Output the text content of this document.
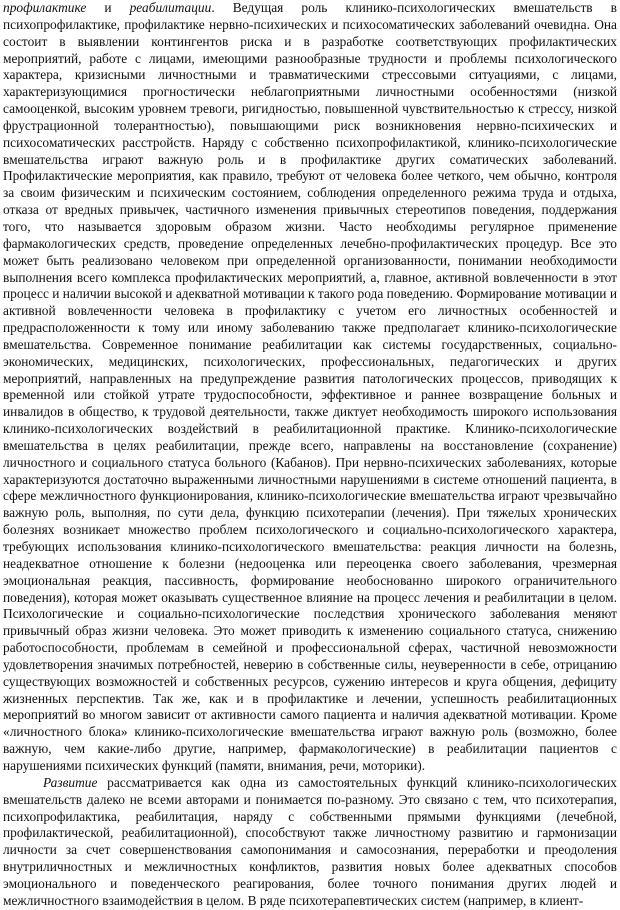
профилактике и реабилитации. Ведущая роль клинико-психологических вмешательств в психопрофилактике, профилактике нервно-психических и психосоматических заболеваний очевидна. Она состоит в выявлении контингентов риска и в разработке соответствующих профилактических мероприятий, работе с лицами, имеющими разнообразные трудности и проблемы психологического характера, кризисными личностными и травматическими стрессовыми ситуациями, с лицами, характеризующимися прогностически неблагоприятными личностными особенностями (низкой самооценкой, высоким уровнем тревоги, ригидностью, повышенной чувствительностью к стрессу, низкой фрустрационной толерантностью), повышающими риск возникновения нервно-психических и психосоматических расстройств. Наряду с собственно психопрофилактикой, клинико-психологические вмешательства играют важную роль и в профилактике других соматических заболеваний. Профилактические мероприятия, как правило, требуют от человека более четкого, чем обычно, контроля за своим физическим и психическим состоянием, соблюдения определенного режима труда и отдыха, отказа от вредных привычек, частичного изменения привычных стереотипов поведения, поддержания того, что называется здоровым образом жизни. Часто необходимы регулярное применение фармакологических средств, проведение определенных лечебно-профилактических процедур. Все это может быть реализовано человеком при определенной организованности, понимании необходимости выполнения всего комплекса профилактических мероприятий, а, главное, активной вовлеченности в этот процесс и наличии высокой и адекватной мотивации к такого рода поведению. Формирование мотивации и активной вовлеченности человека в профилактику с учетом его личностных особенностей и предрасположенности к тому или иному заболеванию также предполагает клинико-психологические вмешательства. Современное понимание реабилитации как системы государственных, социально-экономических, медицинских, психологических, профессиональных, педагогических и других мероприятий, направленных на предупреждение развития патологических процессов, приводящих к временной или стойкой утрате трудоспособности, эффективное и раннее возвращение больных и инвалидов в общество, к трудовой деятельности, также диктует необходимость широкого использования клинико-психологических воздействий в реабилитационной практике. Клинико-психологические вмешательства в целях реабилитации, прежде всего, направлены на восстановление (сохранение) личностного и социального статуса больного (Кабанов). При нервно-психических заболеваниях, которые характеризуются достаточно выраженными личностными нарушениями в системе отношений пациента, в сфере межличностного функционирования, клинико-психологические вмешательства играют чрезвычайно важную роль, выполняя, по сути дела, функцию психотерапии (лечения). При тяжелых хронических болезнях возникает множество проблем психологического и социально-психологического характера, требующих использования клинико-психологического вмешательства: реакция личности на болезнь, неадекватное отношение к болезни (недооценка или переоценка своего заболевания, чрезмерная эмоциональная реакция, пассивность, формирование необоснованно широкого ограничительного поведения), которая может оказывать существенное влияние на процесс лечения и реабилитации в целом. Психологические и социально-психологические последствия хронического заболевания меняют привычный образ жизни человека. Это может приводить к изменению социального статуса, снижению работоспособности, проблемам в семейной и профессиональной сферах, частичной невозможности удовлетворения значимых потребностей, неверию в собственные силы, неуверенности в себе, отрицанию существующих возможностей и собственных ресурсов, сужению интересов и круга общения, дефициту жизненных перспектив. Так же, как и в профилактике и лечении, успешность реабилитационных мероприятий во многом зависит от активности самого пациента и наличия адекватной мотивации. Кроме «личностного блока» клинико-психологические вмешательства играют важную роль (возможно, более важную, чем какие-либо другие, например, фармакологические) в реабилитации пациентов с нарушениями психических функций (памяти, внимания, речи, моторики).

Развитие рассматривается как одна из самостоятельных функций клинико-психологических вмешательств далеко не всеми авторами и понимается по-разному. Это связано с тем, что психотерапия, психопрофилактика, реабилитация, наряду с собственными прямыми функциями (лечебной, профилактической, реабилитационной), способствуют также личностному развитию и гармонизации личности за счет совершенствования самопонимания и самосознания, переработки и преодоления внутриличностных и межличностных конфликтов, развития новых более адекватных способов эмоционального и поведенческого реагирования, более точного понимания других людей и межличностного взаимодействия в целом. В ряде психотерапевтических систем (например, в клиент-
